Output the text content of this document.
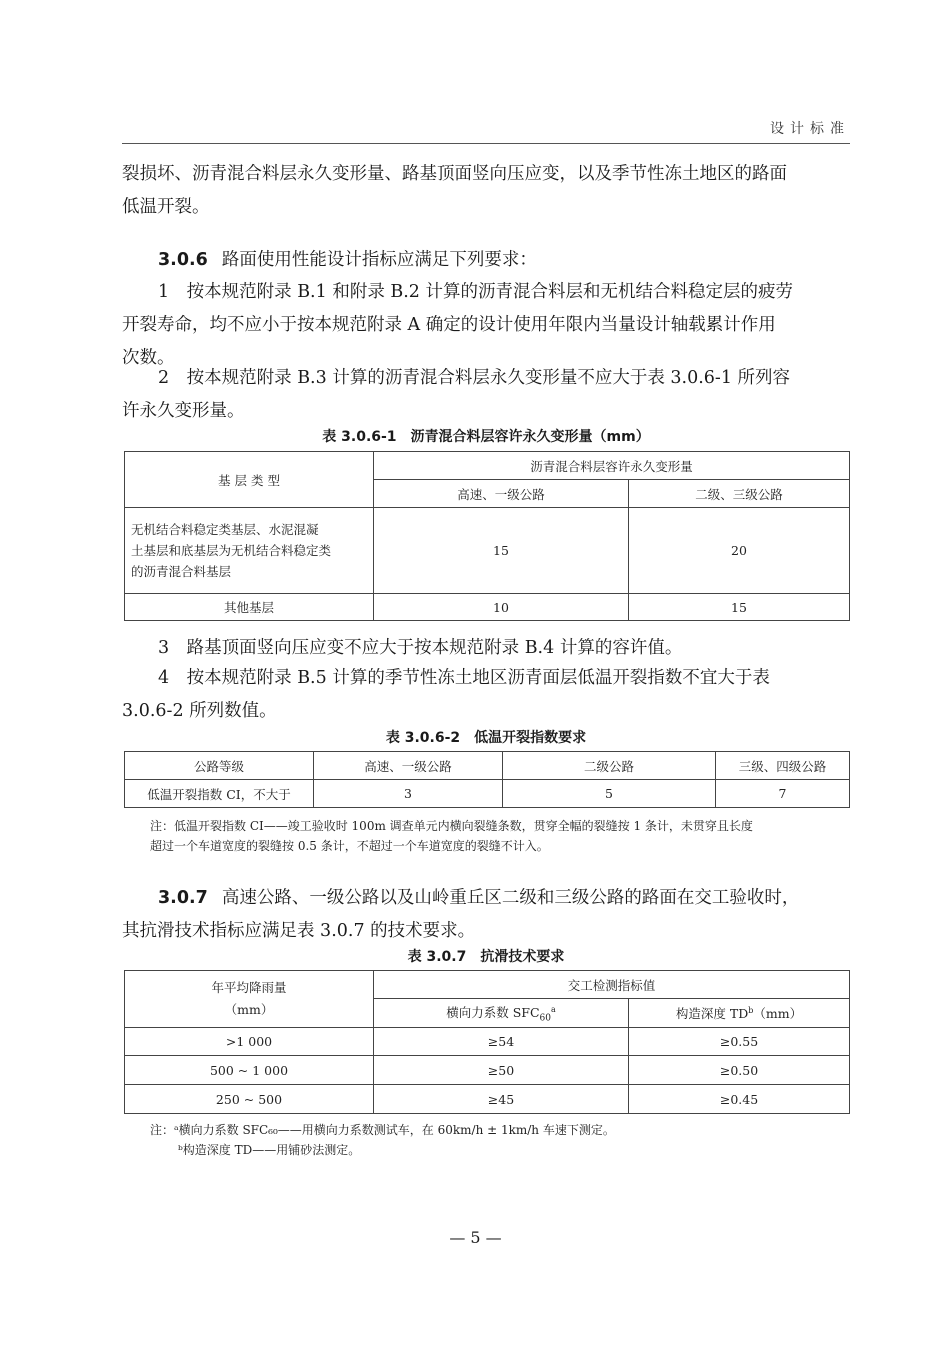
设计标准
裂损坏、沥青混合料层永久变形量、路基顶面竖向压应变，以及季节性冻土地区的路面
低温开裂。
3.0.6 路面使用性能设计指标应满足下列要求：
1　按本规范附录 B.1 和附录 B.2 计算的沥青混合料层和无机结合料稳定层的疲劳
开裂寿命，均不应小于按本规范附录 A 确定的设计使用年限内当量设计轴载累计作用
次数。
2　按本规范附录 B.3 计算的沥青混合料层永久变形量不应大于表 3.0.6-1 所列容
许永久变形量。
表 3.0.6-1　沥青混合料层容许永久变形量（mm）
基 层 类 型	沥青混合料层容许永久变形量	
	高速、一级公路	二级、三级公路

无机结合料稳定类基层、水泥混凝
土基层和底基层为无机结合料稳定类
的沥青混合料基层	15	20
其他基层	10	15
3　路基顶面竖向压应变不应大于按本规范附录 B.4 计算的容许值。
4　按本规范附录 B.5 计算的季节性冻土地区沥青面层低温开裂指数不宜大于表
3.0.6-2 所列数值。
表 3.0.6-2　低温开裂指数要求
公路等级	高速、一级公路	二级公路	三级、四级公路
低温开裂指数 CI，不大于	3	5	7
注：低温开裂指数 CI——竣工验收时 100m 调查单元内横向裂缝条数，贯穿全幅的裂缝按 1 条计，未贯穿且长度
超过一个车道宽度的裂缝按 0.5 条计，不超过一个车道宽度的裂缝不计入。
3.0.7 高速公路、一级公路以及山岭重丘区二级和三级公路的路面在交工验收时，
其抗滑技术指标应满足表 3.0.7 的技术要求。
表 3.0.7　抗滑技术要求
年平均降雨量
（mm）	交工检测指标值	
	横向力系数 $SFC_{60}^a$	构造深度 $TD^b(mm)$
>1 000	≥54	≥0.55
500 ~ 1 000	≥50	≥0.50
250 ~ 500	≥45	≥0.45
注：ᵃ横向力系数 SFC₆₀——用横向力系数测试车，在 60km/h ± 1km/h 车速下测定。
ᵇ构造深度 TD——用铺砂法测定。
— 5 —
